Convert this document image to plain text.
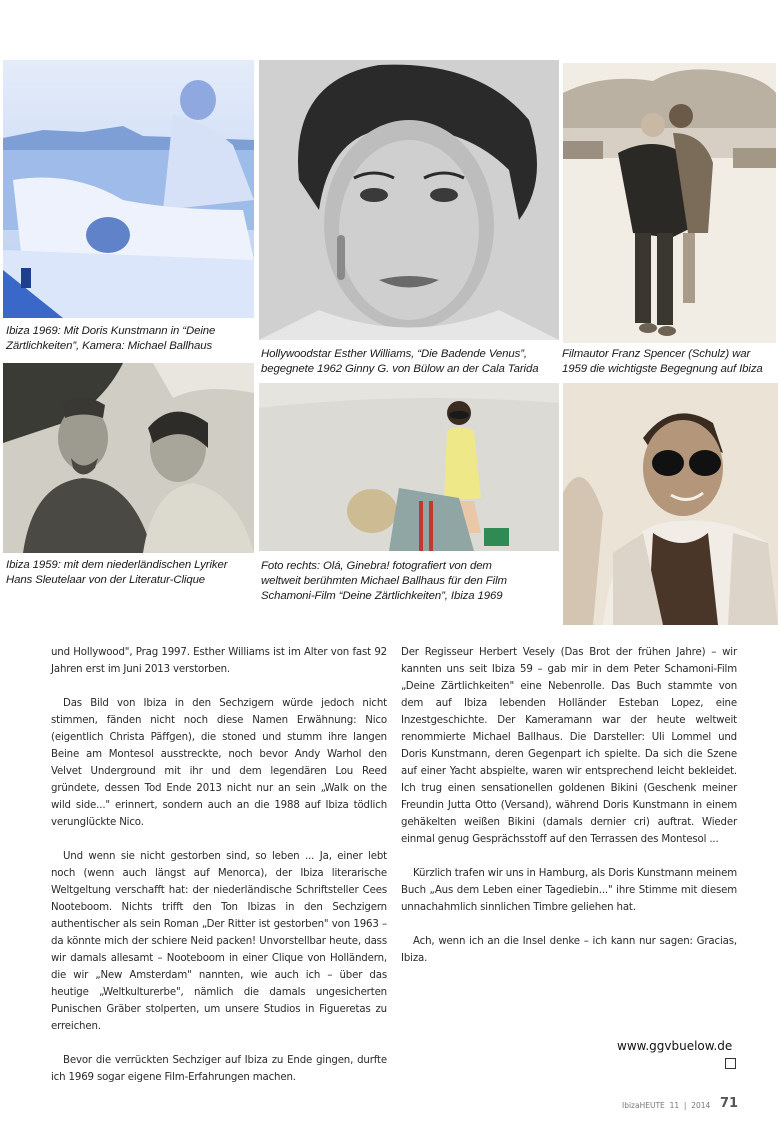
Ibiza 1969: Mit Doris Kunstmann in “Deine
Zärtlichkeiten”, Kamera: Michael Ballhaus
Hollywoodstar Esther Williams, “Die Badende Venus”,
begegnete 1962 Ginny G. von Bülow an der Cala Tarida
Filmautor Franz Spencer (Schulz) war
1959 die wichtigste Begegnung auf Ibiza
Ibiza 1959: mit dem niederländischen Lyriker
Hans Sleutelaar von der Literatur-Clique
Foto rechts: Olá, Ginebra! fotografiert von dem
weltweit berühmten Michael Ballhaus für den Film
Schamoni-Film “Deine Zärtlichkeiten”, Ibiza 1969

und Hollywood", Prag 1997. Esther Williams ist im Alter von fast 92 Jahren erst im Juni 2013 verstorben.

Das Bild von Ibiza in den Sechzigern würde jedoch nicht stimmen, fänden nicht noch diese Namen Erwähnung: Nico (eigentlich Christa Päffgen), die stoned und stumm ihre langen Beine am Montesol ausstreckte, noch bevor Andy Warhol den Velvet Underground mit ihr und dem legendären Lou Reed gründete, dessen Tod Ende 2013 nicht nur an sein „Walk on the wild side..." erinnert, sondern auch an die 1988 auf Ibiza tödlich verunglückte Nico.

Und wenn sie nicht gestorben sind, so leben ... Ja, einer lebt noch (wenn auch längst auf Menorca), der Ibiza literarische Weltgeltung verschafft hat: der niederländische Schriftsteller Cees Nooteboom. Nichts trifft den Ton Ibizas in den Sechzigern authentischer als sein Roman „Der Ritter ist gestorben" von 1963 – da könnte mich der schiere Neid packen! Unvorstellbar heute, dass wir damals allesamt – Nooteboom in einer Clique von Holländern, die wir „New Amsterdam" nannten, wie auch ich – über das heutige „Weltkulturerbe", nämlich die damals ungesicherten Punischen Gräber stolperten, um unsere Studios in Figueretas zu erreichen.

Bevor die verrückten Sechziger auf Ibiza zu Ende gingen, durfte ich 1969 sogar eigene Film-Erfahrungen machen.

Der Regisseur Herbert Vesely (Das Brot der frühen Jahre) – wir kannten uns seit Ibiza 59 – gab mir in dem Peter Schamoni-Film „Deine Zärtlichkeiten" eine Nebenrolle. Das Buch stammte von dem auf Ibiza lebenden Holländer Esteban Lopez, eine Inzestgeschichte. Der Kameramann war der heute weltweit renommierte Michael Ballhaus. Die Darsteller: Uli Lommel und Doris Kunstmann, deren Gegenpart ich spielte. Da sich die Szene auf einer Yacht abspielte, waren wir entsprechend leicht bekleidet. Ich trug einen sensationellen goldenen Bikini (Geschenk meiner Freundin Jutta Otto (Versand), während Doris Kunstmann in einem gehäkelten weißen Bikini (damals dernier cri) auftrat. Wieder einmal genug Gesprächsstoff auf den Terrassen des Montesol ...

Kürzlich trafen wir uns in Hamburg, als Doris Kunstmann meinem Buch „Aus dem Leben einer Tagediebin..." ihre Stimme mit diesem unnachahmlich sinnlichen Timbre geliehen hat.

Ach, wenn ich an die Insel denke – ich kann nur sagen: Gracias, Ibiza.

www.ggvbuelow.de
IbizaHEUTE 11 | 2014 71
